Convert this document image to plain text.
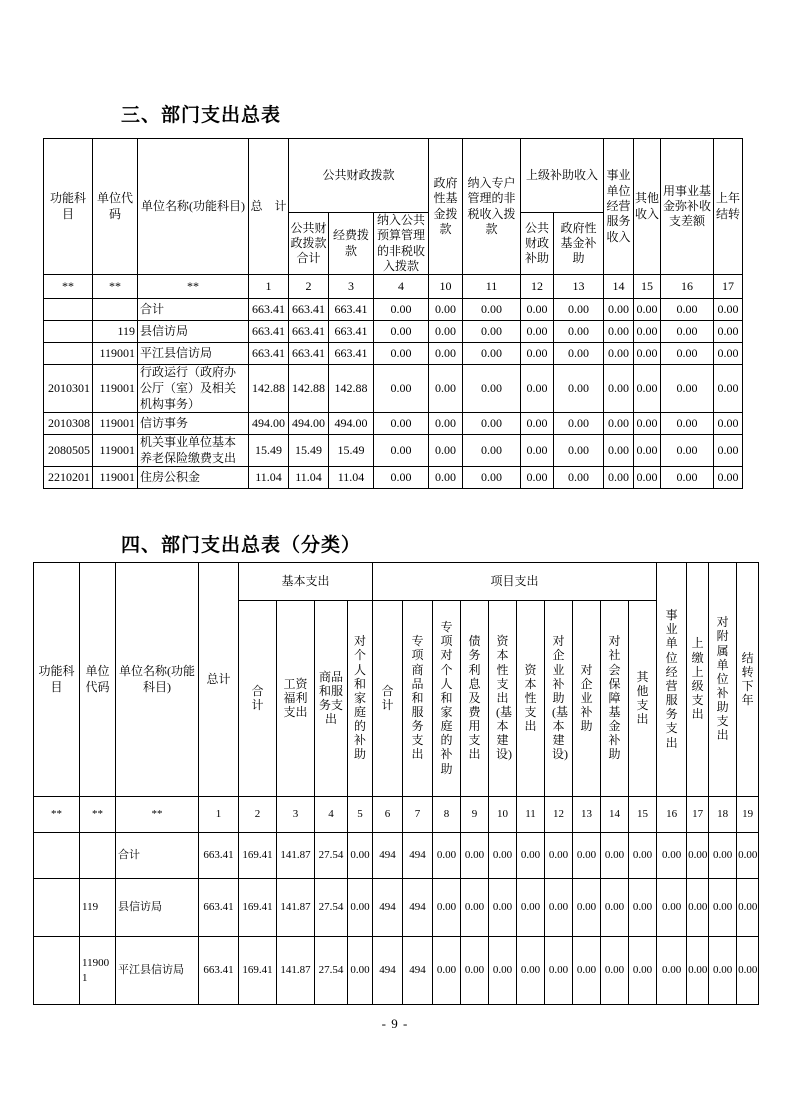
三、部门支出总表
功能科目	单位代码	单位名称(功能科目)	总　计	公共财政拨款			政府性基金拨款	纳入专户管理的非税收入拨款	上级补助收入		事业单位经营服务收入	其他收入	用事业基金弥补收支差额	上年结转
				公共财政拨款合计	经费拨款	纳入公共预算管理的非税收入拨款			公共财政补助	政府性基金补助				
**	**	**	1	2	3	4	10	11	12	13	14	15	16	17
		合计	663.41	663.41	663.41	0.00	0.00	0.00	0.00	0.00	0.00	0.00	0.00	0.00
	119	县信访局	663.41	663.41	663.41	0.00	0.00	0.00	0.00	0.00	0.00	0.00	0.00	0.00
	119001	平江县信访局	663.41	663.41	663.41	0.00	0.00	0.00	0.00	0.00	0.00	0.00	0.00	0.00
2010301	119001	行政运行（政府办公厅（室）及相关机构事务）	142.88	142.88	142.88	0.00	0.00	0.00	0.00	0.00	0.00	0.00	0.00	0.00
2010308	119001	信访事务	494.00	494.00	494.00	0.00	0.00	0.00	0.00	0.00	0.00	0.00	0.00	0.00
2080505	119001	机关事业单位基本养老保险缴费支出	15.49	15.49	15.49	0.00	0.00	0.00	0.00	0.00	0.00	0.00	0.00	0.00
2210201	119001	住房公积金	11.04	11.04	11.04	0.00	0.00	0.00	0.00	0.00	0.00	0.00	0.00	0.00
四、部门支出总表（分类）
功能科目	单位代码	单位名称(功能科目)	总计	基本支出				项目支出										事业单位经营服务支出	上缴上级支出	对附属单位补助支出	结转下年	
				合计	工资福利支出	商品和服务支出	对个人和家庭的补助	合计	专项商品和服务支出	专项对个人和家庭的补助	债务利息及费用支出	资本性支出(基本建设)	资本性支出	对企业补助(基本建设)	对企业补助	对社会保障基金补助	其他支出					
**	**	**	1	2	3	4	5	6	7	8	9	10	11	12	13	14	15	16	17	18	19	
		合计	663.41	169.41	141.87	27.54	0.00	494	494	0.00	0.00	0.00	0.00	0.00	0.00	0.00	0.00	0.00	0.00	0.00	0.00	
	119	县信访局	663.41	169.41	141.87	27.54	0.00	494	494	0.00	0.00	0.00	0.00	0.00	0.00	0.00	0.00	0.00	0.00	0.00	0.00	
	119001	平江县信访局	663.41	169.41	141.87	27.54	0.00	494	494	0.00	0.00	0.00	0.00	0.00	0.00	0.00	0.00	0.00	0.00	0.00	0.00	
- 9 -
